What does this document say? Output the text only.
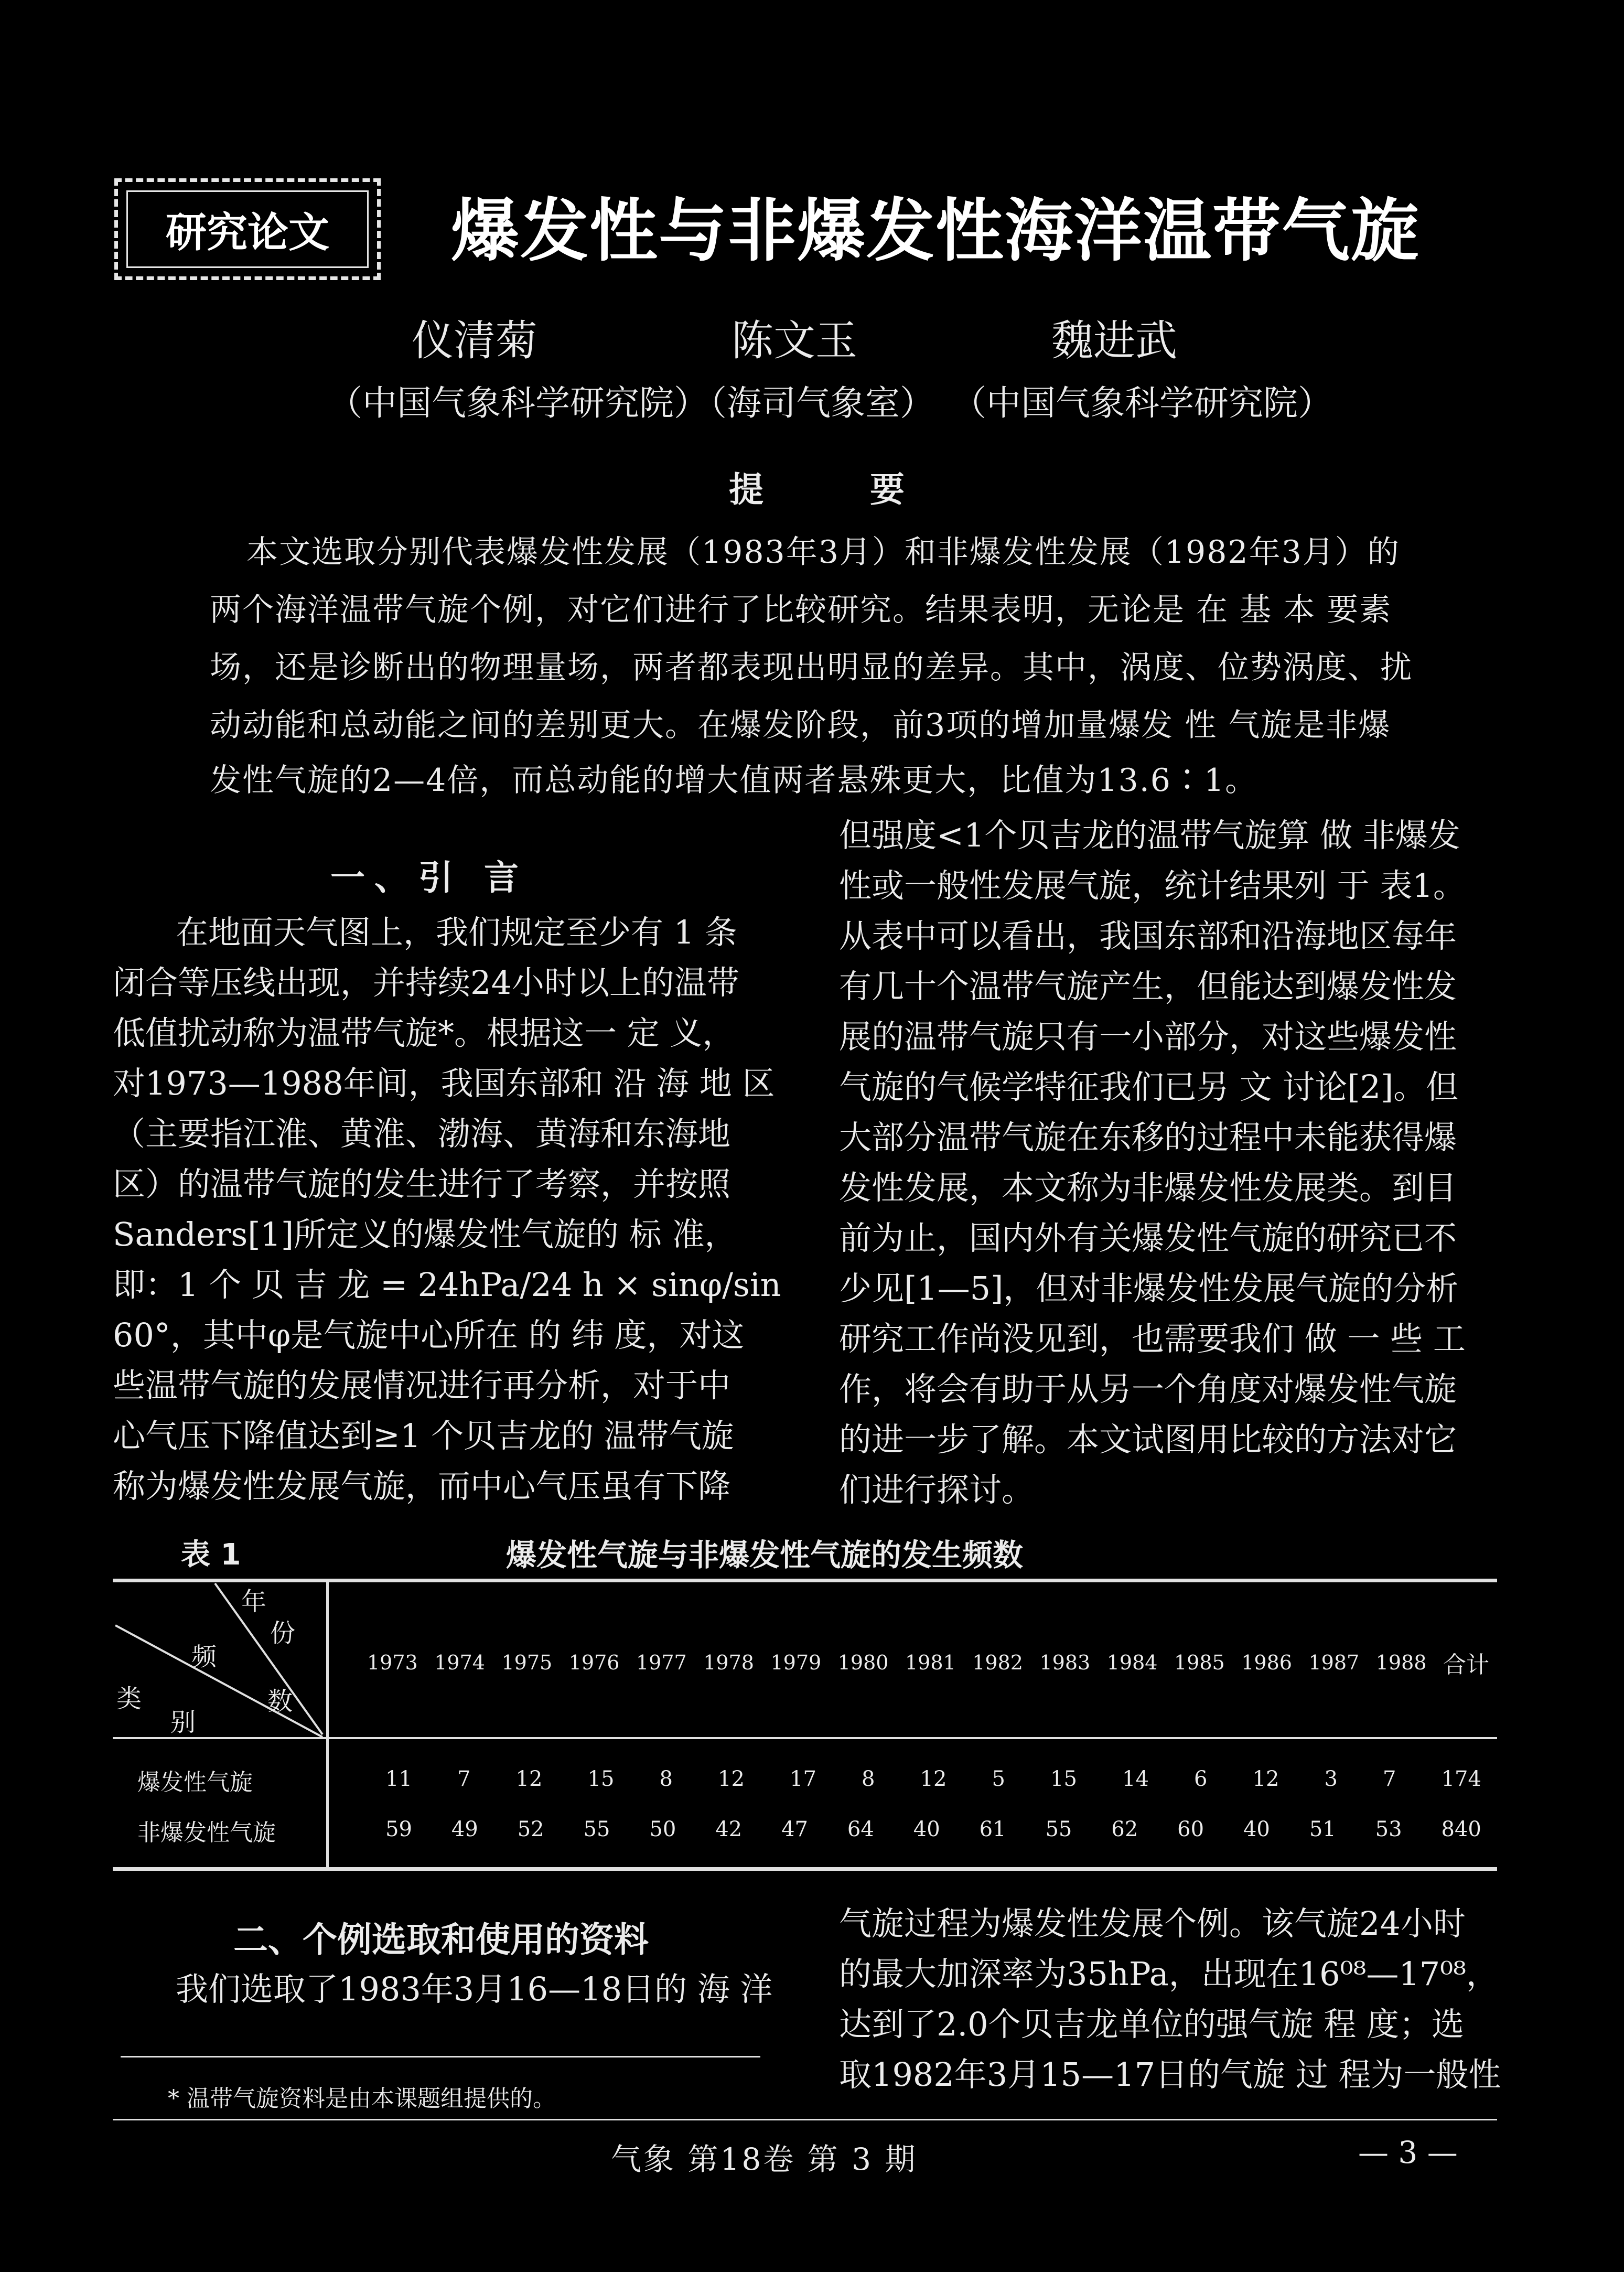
研究论文	爆发性与非爆发性海洋温带气旋
仪清菊	陈文玉	魏进武
（中国气象科学研究院）
（海司气象室） （中国气象科学研究院）
提 要
本文选取分别代表爆发性发展（1983年3月）和非爆发性发展（1982年3月）的
两个海洋温带气旋个例，对它们进行了比较研究。结果表明，无论是 在 基 本 要素
场，还是诊断出的物理量场，两者都表现出明显的差异。其中，涡度、位势涡度、扰
动动能和总动能之间的差别更大。在爆发阶段，前3项的增加量爆发 性 气旋是非爆
发性气旋的2—4倍，而总动能的增大值两者悬殊更大，比值为13.6∶1。
一、引 言
在地面天气图上，我们规定至少有 1 条
闭合等压线出现，并持续24小时以上的温带
低值扰动称为温带气旋*。根据这一 定 义，
对1973—1988年间，我国东部和 沿 海 地 区
（主要指江淮、黄淮、渤海、黄海和东海地
区）的温带气旋的发生进行了考察，并按照
Sanders[1]所定义的爆发性气旋的 标 准，
即：1 个 贝 吉 龙 = 24hPa/24 h × sinφ/sin
60°，其中φ是气旋中心所在 的 纬 度，对这
些温带气旋的发展情况进行再分析，对于中
心气压下降值达到≥1 个贝吉龙的 温带气旋
称为爆发性发展气旋，而中心气压虽有下降
但强度<1个贝吉龙的温带气旋算 做 非爆发
性或一般性发展气旋，统计结果列 于 表1。
从表中可以看出，我国东部和沿海地区每年
有几十个温带气旋产生，但能达到爆发性发
展的温带气旋只有一小部分，对这些爆发性
气旋的气候学特征我们已另 文 讨论[2]。但
大部分温带气旋在东移的过程中未能获得爆
发性发展，本文称为非爆发性发展类。到目
前为止，国内外有关爆发性气旋的研究已不
少见[1—5]，但对非爆发性发展气旋的分析
研究工作尚没见到，也需要我们 做 一 些 工
作，将会有助于从另一个角度对爆发性气旋
的进一步了解。本文试图用比较的方法对它
们进行探讨。
表 1	爆发性气旋与非爆发性气旋的发生频数
年
份
频
数
类
别
1973 1974 1975 1976 1977 1978 1979 1980 1981 1982 1983 1984 1985 1986 1987 1988 合计
爆发性气旋	11 7 12 15 8 12 17 8 12 5 15 14 6 12 3 7 174
非爆发性气旋	59 49 52 55 50 42 47 64 40 61 55 62 60 40 51 53 840
二、个例选取和使用的资料
我们选取了1983年3月16—18日的 海 洋
气旋过程为爆发性发展个例。该气旋24小时
的最大加深率为35hPa，出现在16⁰⁸—17⁰⁸，
达到了2.0个贝吉龙单位的强气旋 程 度；选
取1982年3月15—17日的气旋 过 程为一般性
* 温带气旋资料是由本课题组提供的。
气象 第18卷 第 3 期	— 3 —
